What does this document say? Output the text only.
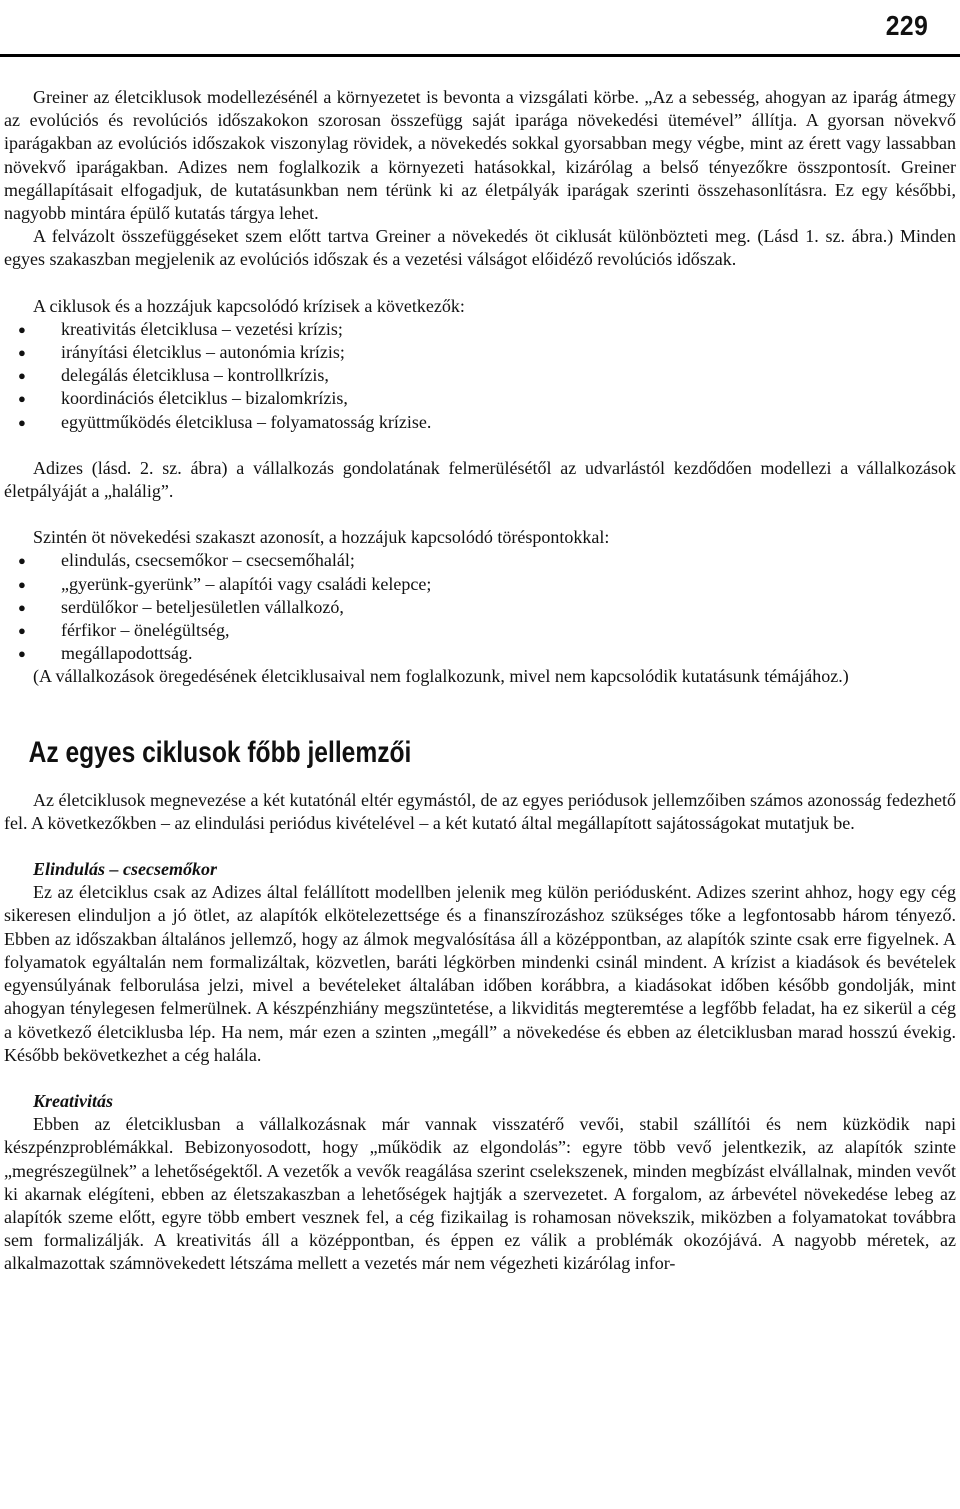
229

Greiner az életciklusok modellezésénél a környezetet is bevonta a vizsgálati körbe. „Az a sebesség, ahogyan az iparág átmegy az evolúciós és revolúciós időszakokon szorosan összefügg saját iparága növekedési ütemével” állítja. A gyorsan növekvő iparágakban az evolúciós időszakok viszonylag rövidek, a növekedés sokkal gyorsabban megy végbe, mint az érett vagy lassabban növekvő iparágakban. Adizes nem foglalkozik a környezeti hatásokkal, kizárólag a belső tényezőkre összpontosít. Greiner megállapításait elfogadjuk, de kutatásunkban nem térünk ki az életpályák iparágak szerinti összehasonlításra. Ez egy későbbi, nagyobb mintára épülő kutatás tárgya lehet.

A felvázolt összefüggéseket szem előtt tartva Greiner a növekedés öt ciklusát különbözteti meg. (Lásd 1. sz. ábra.) Minden egyes szakaszban megjelenik az evolúciós időszak és a vezetési válságot előidéző revolúciós időszak.

A ciklusok és a hozzájuk kapcsolódó krízisek a következők:

● kreativitás életciklusa – vezetési krízis;
● irányítási életciklus – autonómia krízis;
● delegálás életciklusa – kontrollkrízis,
● koordinációs életciklus – bizalomkrízis,
● együttműködés életciklusa – folyamatosság krízise.

Adizes (lásd. 2. sz. ábra) a vállalkozás gondolatának felmerülésétől az udvarlástól kezdődően modellezi a vállalkozások életpályáját a „halálig”.

Szintén öt növekedési szakaszt azonosít, a hozzájuk kapcsolódó töréspontokkal:

● elindulás, csecsemőkor – csecsemőhalál;
● „gyerünk-gyerünk” – alapítói vagy családi kelepce;
● serdülőkor – beteljesületlen vállalkozó,
● férfikor – önelégültség,
● megállapodottság.

(A vállalkozások öregedésének életciklusaival nem foglalkozunk, mivel nem kapcsolódik kutatásunk témájához.)

Az egyes ciklusok főbb jellemzői

Az életciklusok megnevezése a két kutatónál eltér egymástól, de az egyes periódusok jellemzőiben számos azonosság fedezhető fel. A következőkben – az elindulási periódus kivételével – a két kutató által megállapított sajátosságokat mutatjuk be.

Elindulás – csecsemőkor

Ez az életciklus csak az Adizes által felállított modellben jelenik meg külön periódusként. Adizes szerint ahhoz, hogy egy cég sikeresen elinduljon a jó ötlet, az alapítók elkötelezettsége és a finanszírozáshoz szükséges tőke a legfontosabb három tényező. Ebben az időszakban általános jellemző, hogy az álmok megvalósítása áll a középpontban, az alapítók szinte csak erre figyelnek. A folyamatok egyáltalán nem formalizáltak, közvetlen, baráti légkörben mindenki csinál mindent. A krízist a kiadások és bevételek egyensúlyának felborulása jelzi, mivel a bevételeket általában időben korábbra, a kiadásokat időben később gondolják, mint ahogyan ténylegesen felmerülnek. A készpénzhiány megszüntetése, a likviditás megteremtése a legfőbb feladat, ha ez sikerül a cég a következő életciklusba lép. Ha nem, már ezen a szinten „megáll” a növekedése és ebben az életciklusban marad hosszú évekig. Később bekövetkezhet a cég halála.

Kreativitás

Ebben az életciklusban a vállalkozásnak már vannak visszatérő vevői, stabil szállítói és nem küzködik napi készpénzproblémákkal. Bebizonyosodott, hogy „működik az elgondolás”: egyre több vevő jelentkezik, az alapítók szinte „megrészegülnek” a lehetőségektől. A vezetők a vevők reagálása szerint cselekszenek, minden megbízást elvállalnak, minden vevőt ki akarnak elégíteni, ebben az életszakaszban a lehetőségek hajtják a szervezetet. A forgalom, az árbevétel növekedése lebeg az alapítók szeme előtt, egyre több embert vesznek fel, a cég fizikailag is rohamosan növekszik, miközben a folyamatokat továbbra sem formalizálják. A kreativitás áll a középpontban, és éppen ez válik a problémák okozójává. A nagyobb méretek, az alkalmazottak számnövekedett létszáma mellett a vezetés már nem végezheti kizárólag infor-
